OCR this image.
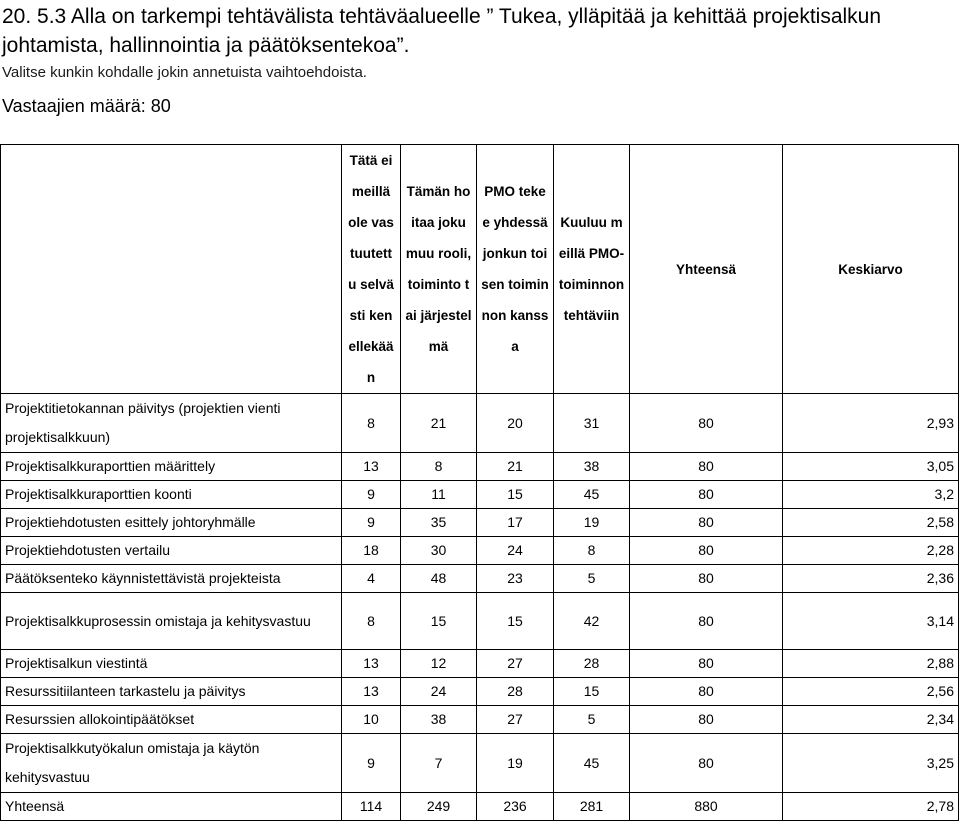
20. 5.3 Alla on tarkempi tehtävälista tehtäväalueelle ” Tukea, ylläpitää ja kehittää projektisalkun johtamista, hallinnointia ja päätöksentekoa”.
Valitse kunkin kohdalle jokin annetuista vaihtoehdoista.
Vastaajien määrä: 80
	Tätä ei meillä ole vastuutettu selvästi kenellekään	Tämän hoitaa joku muu rooli, toiminto tai järjestelmä	PMO tekee yhdessä jonkun toisen toiminnon kanssa	Kuuluu meillä PMO-toiminnon tehtäviin	Yhteensä	Keskiarvo
Projektitietokannan päivitys (projektien vienti projektisalkkuun)	8	21	20	31	80	2,93
Projektisalkkuraporttien määrittely	13	8	21	38	80	3,05
Projektisalkkuraporttien koonti	9	11	15	45	80	3,2
Projektiehdotusten esittely johtoryhmälle	9	35	17	19	80	2,58
Projektiehdotusten vertailu	18	30	24	8	80	2,28
Päätöksenteko käynnistettävistä projekteista	4	48	23	5	80	2,36
Projektisalkkuprosessin omistaja ja kehitysvastuu	8	15	15	42	80	3,14
Projektisalkun viestintä	13	12	27	28	80	2,88
Resurssitiilanteen tarkastelu ja päivitys	13	24	28	15	80	2,56
Resurssien allokointipäätökset	10	38	27	5	80	2,34
Projektisalkkutyökalun omistaja ja käytön kehitysvastuu	9	7	19	45	80	3,25
Yhteensä	114	249	236	281	880	2,78
